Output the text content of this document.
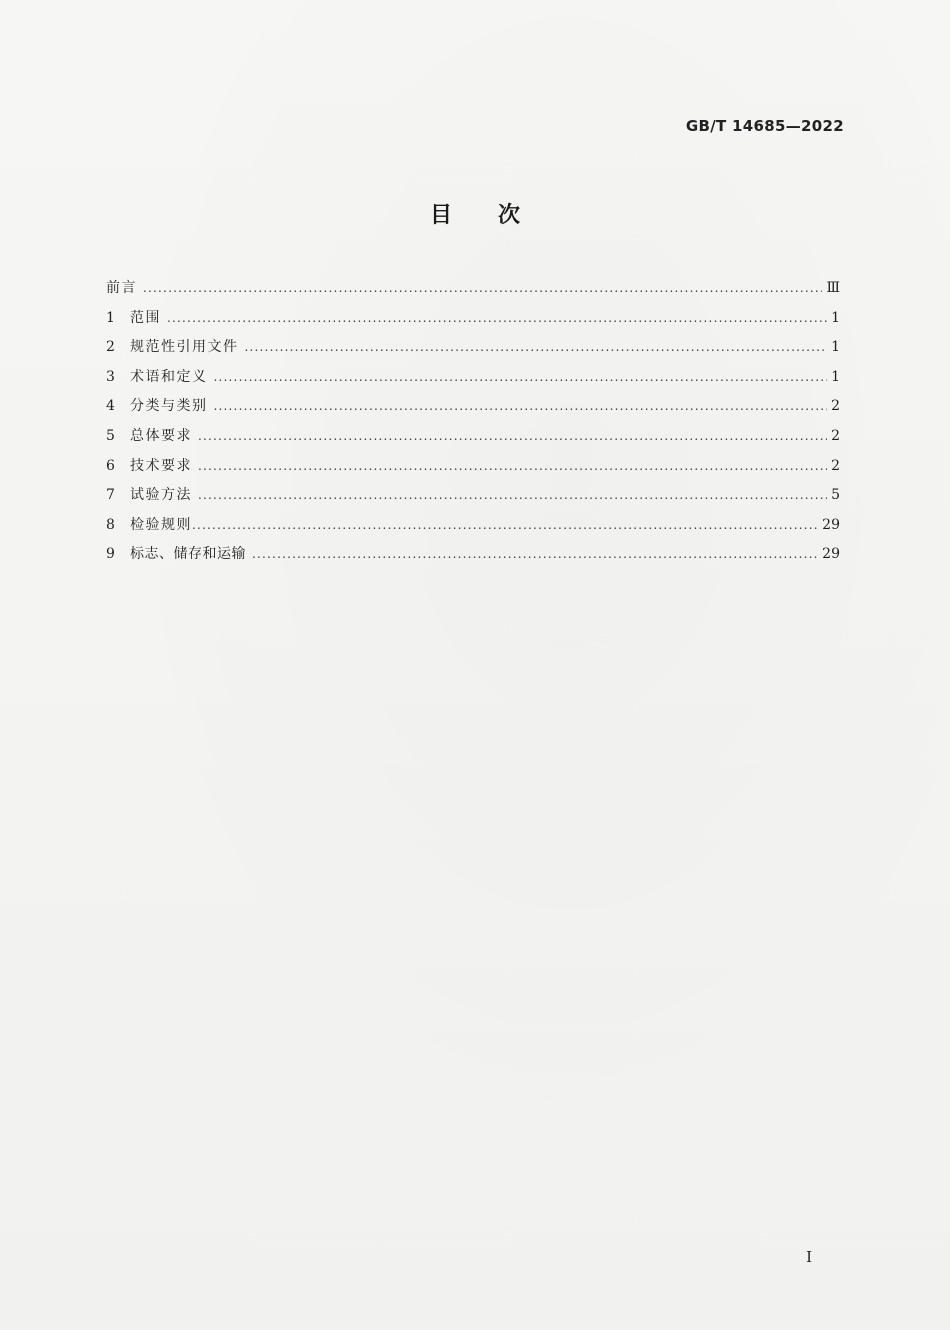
GB/T 14685—2022
目次
前言 .....	Ⅲ
1	范围 .....	1
2	规范性引用文件 .....	1
3	术语和定义 .....	1
4	分类与类别 .....	2
5	总体要求 .....	2
6	技术要求 .....	2
7	试验方法 .....	5
8	检验规则 .....	29
9	标志、储存和运输 .....	29
I
